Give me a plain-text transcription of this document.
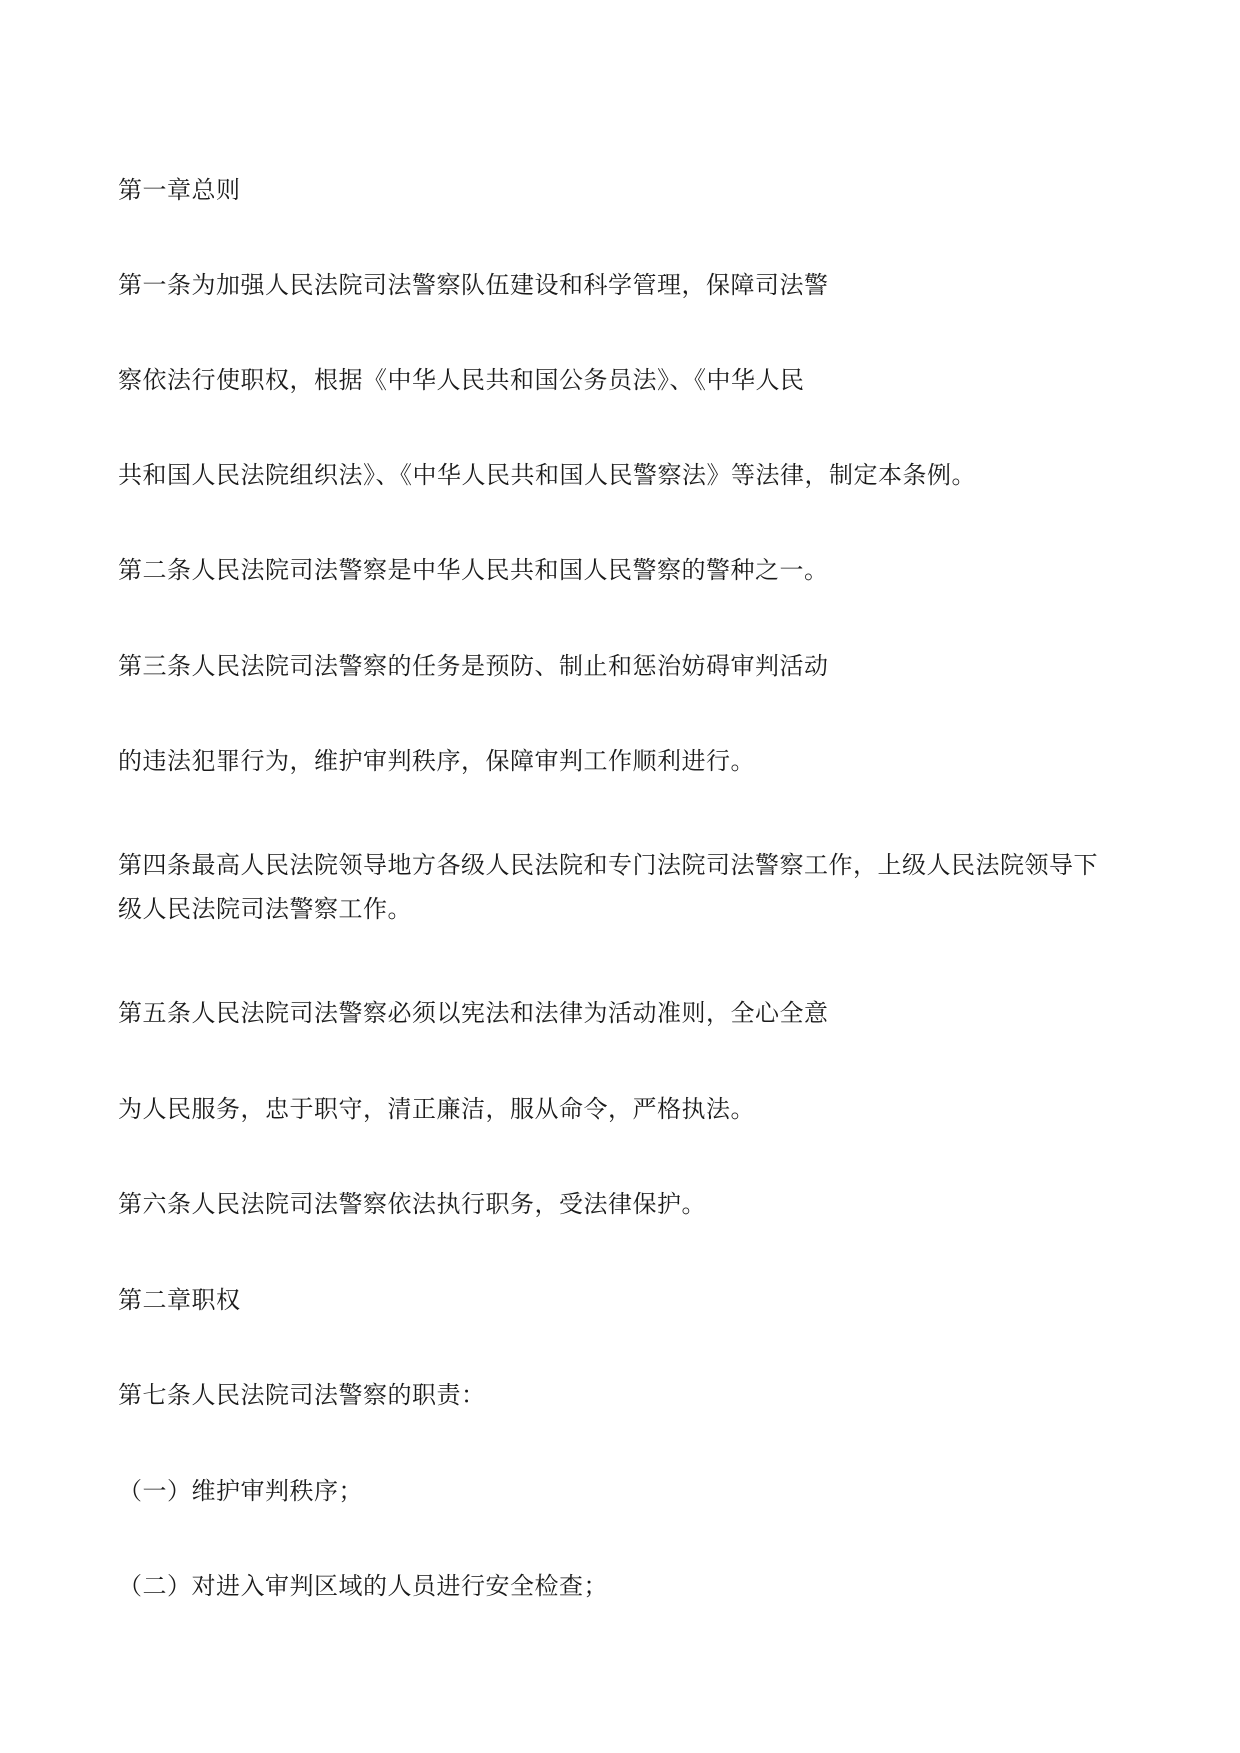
第一章总则
第一条为加强人民法院司法警察队伍建设和科学管理，保障司法警
察依法行使职权，根据《中华人民共和国公务员法》、《中华人民
共和国人民法院组织法》、《中华人民共和国人民警察法》等法律，制定本条例。
第二条人民法院司法警察是中华人民共和国人民警察的警种之一。
第三条人民法院司法警察的任务是预防、制止和惩治妨碍审判活动
的违法犯罪行为，维护审判秩序，保障审判工作顺利进行。
第四条最高人民法院领导地方各级人民法院和专门法院司法警察工作，上级人民法院领导下
级人民法院司法警察工作。
第五条人民法院司法警察必须以宪法和法律为活动准则，全心全意
为人民服务，忠于职守，清正廉洁，服从命令，严格执法。
第六条人民法院司法警察依法执行职务，受法律保护。
第二章职权
第七条人民法院司法警察的职责：
（一）维护审判秩序；
（二）对进入审判区域的人员进行安全检查；
